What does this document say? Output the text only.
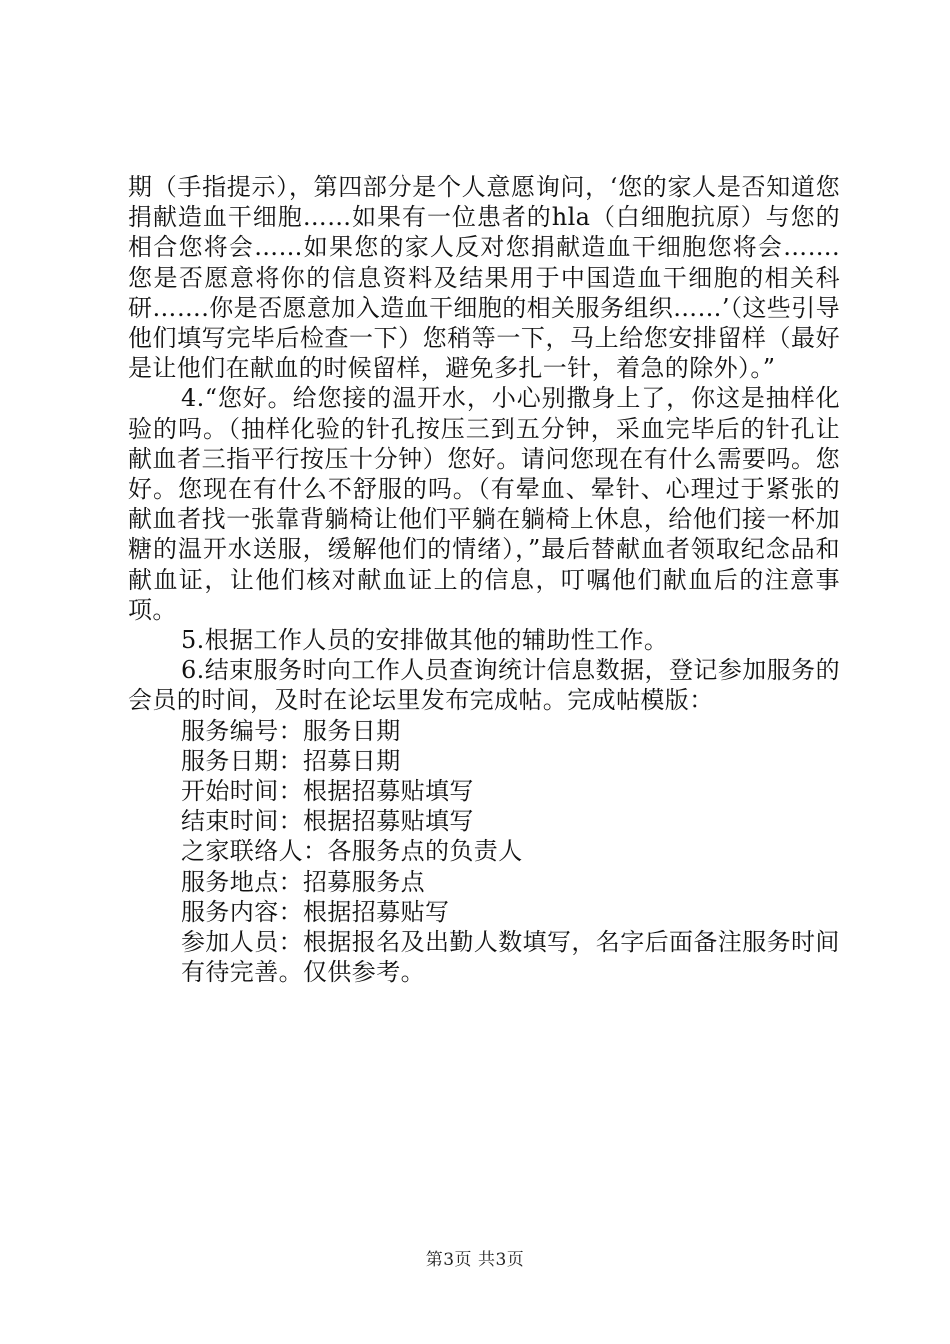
期（手指提示），第四部分是个人意愿询问，‘您的家人是否知道您捐献造血干细胞……如果有一位患者的hla（白细胞抗原）与您的相合您将会……如果您的家人反对您捐献造血干细胞您将会…….您是否愿意将你的信息资料及结果用于中国造血干细胞的相关科研…….你是否愿意加入造血干细胞的相关服务组织……’（这些引导他们填写完毕后检查一下）您稍等一下，马上给您安排留样（最好是让他们在献血的时候留样，避免多扎一针，着急的除外）。”

4.“您好。给您接的温开水，小心别撒身上了，你这是抽样化验的吗。（抽样化验的针孔按压三到五分钟，采血完毕后的针孔让献血者三指平行按压十分钟）您好。请问您现在有什么需要吗。您好。您现在有什么不舒服的吗。（有晕血、晕针、心理过于紧张的献血者找一张靠背躺椅让他们平躺在躺椅上休息，给他们接一杯加糖的温开水送服，缓解他们的情绪），”最后替献血者领取纪念品和献血证，让他们核对献血证上的信息，叮嘱他们献血后的注意事项。

5.根据工作人员的安排做其他的辅助性工作。

6.结束服务时向工作人员查询统计信息数据，登记参加服务的会员的时间，及时在论坛里发布完成帖。完成帖模版：

服务编号：服务日期

服务日期：招募日期

开始时间：根据招募贴填写

结束时间：根据招募贴填写

之家联络人：各服务点的负责人

服务地点：招募服务点

服务内容：根据招募贴写

参加人员：根据报名及出勤人数填写，名字后面备注服务时间

有待完善。仅供参考。

第3页 共3页
